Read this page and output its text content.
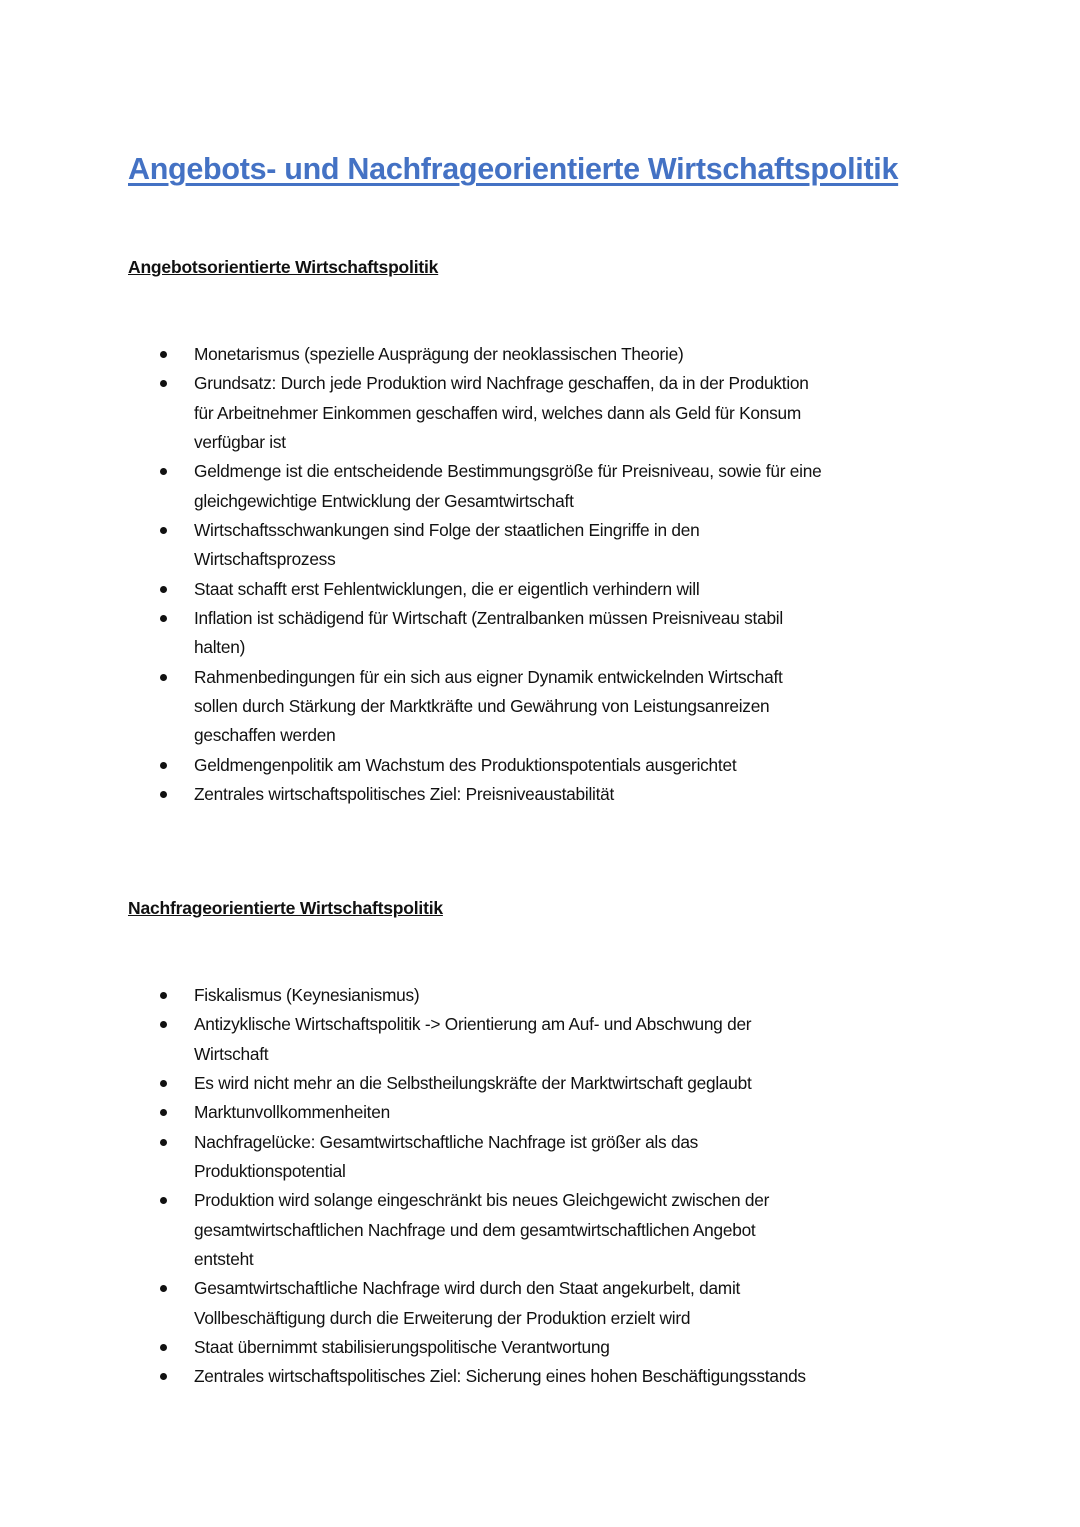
Angebots- und Nachfrageorientierte Wirtschaftspolitik
Angebotsorientierte Wirtschaftspolitik
Monetarismus (spezielle Ausprägung der neoklassischen Theorie)
Grundsatz: Durch jede Produktion wird Nachfrage geschaffen, da in der Produktion
für Arbeitnehmer Einkommen geschaffen wird, welches dann als Geld für Konsum
verfügbar ist
Geldmenge ist die entscheidende Bestimmungsgröße für Preisniveau, sowie für eine
gleichgewichtige Entwicklung der Gesamtwirtschaft
Wirtschaftsschwankungen sind Folge der staatlichen Eingriffe in den
Wirtschaftsprozess
Staat schafft erst Fehlentwicklungen, die er eigentlich verhindern will
Inflation ist schädigend für Wirtschaft (Zentralbanken müssen Preisniveau stabil
halten)
Rahmenbedingungen für ein sich aus eigner Dynamik entwickelnden Wirtschaft
sollen durch Stärkung der Marktkräfte und Gewährung von Leistungsanreizen
geschaffen werden
Geldmengenpolitik am Wachstum des Produktionspotentials ausgerichtet
Zentrales wirtschaftspolitisches Ziel: Preisniveaustabilität
Nachfrageorientierte Wirtschaftspolitik
Fiskalismus (Keynesianismus)
Antizyklische Wirtschaftspolitik -> Orientierung am Auf- und Abschwung der
Wirtschaft
Es wird nicht mehr an die Selbstheilungskräfte der Marktwirtschaft geglaubt
Marktunvollkommenheiten
Nachfragelücke: Gesamtwirtschaftliche Nachfrage ist größer als das
Produktionspotential
Produktion wird solange eingeschränkt bis neues Gleichgewicht zwischen der
gesamtwirtschaftlichen Nachfrage und dem gesamtwirtschaftlichen Angebot
entsteht
Gesamtwirtschaftliche Nachfrage wird durch den Staat angekurbelt, damit
Vollbeschäftigung durch die Erweiterung der Produktion erzielt wird
Staat übernimmt stabilisierungspolitische Verantwortung
Zentrales wirtschaftspolitisches Ziel: Sicherung eines hohen Beschäftigungsstands
